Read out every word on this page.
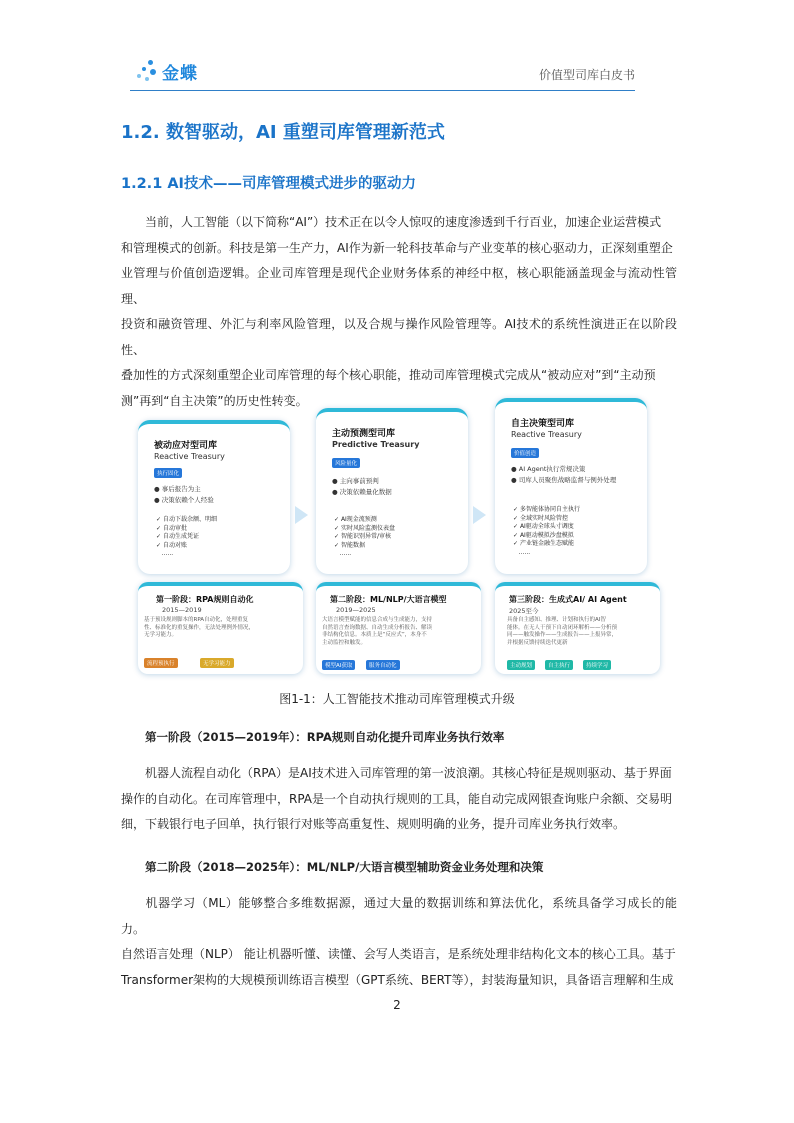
金蝶	价值型司库白皮书
1.2. 数智驱动，AI 重塑司库管理新范式
1.2.1 AI技术——司库管理模式进步的驱动力
当前，人工智能（以下简称“AI”）技术正在以令人惊叹的速度渗透到千行百业，加速企业运营模式
和管理模式的创新。科技是第一生产力，AI作为新一轮科技革命与产业变革的核心驱动力，正深刻重塑企
业管理与价值创造逻辑。企业司库管理是现代企业财务体系的神经中枢，核心职能涵盖现金与流动性管理、
投资和融资管理、外汇与利率风险管理，以及合规与操作风险管理等。AI技术的系统性演进正在以阶段性、
叠加性的方式深刻重塑企业司库管理的每个核心职能，推动司库管理模式完成从“被动应对”到“主动预
测”再到“自主决策”的历史性转变。
被动应对型司库
Reactive Treasury
执行固化
● 事后报告为主
● 决策依赖个人经验
✓ 自动下载余额、明细
✓ 自动审批
✓ 自动生成凭证
✓ 自动对账
......
主动预测型司库
Predictive Treasury
风险量化
● 主向事前预判
● 决策依赖量化数据
✓ AI现金流预测
✓ 实时风险监测仪表盘
✓ 智能识别异常/审核
✓ 智能数据
......
自主决策型司库
Reactive Treasury
价值创造
● AI Agent执行常规决策
● 司库人员聚焦战略监督与例外处理
✓ 多智能体协同自主执行
✓ 全域实时风险管控
✓ AI驱动全球头寸调度
✓ AI驱动模拟沙盘模拟
✓ 产业链金融生态赋能
......
第一阶段：RPA规则自动化
2015—2019
基于预设规则脚本的RPA自动化，处理重复
性、标准化的重复操作，无法处理例外情况，
无学习能力。
流程预执行	无学习能力
第二阶段：ML/NLP/大语言模型
2019—2025
大语言模型赋能的信息合成与生成能力，支持
自然语言查询数据、自动生成分析报告、解读
非结构化信息。本质上是“反应式”，本身不
主动监控和触发。
模型AI获取	服务自动化
第三阶段：生成式AI/ AI Agent
2025至今
具备自主感知、推理、计划和执行的AI智
能体。在无人干预下自动闭环解析——分析预
同——触发操作——生成报告——上报异常，
并根据反馈持续迭代更新
主动规划	自主执行	持续学习

图1-1：人工智能技术推动司库管理模式升级

第一阶段（2015—2019年）：RPA规则自动化提升司库业务执行效率

机器人流程自动化（RPA）是AI技术进入司库管理的第一波浪潮。其核心特征是规则驱动、基于界面
操作的自动化。在司库管理中，RPA是一个自动执行规则的工具，能自动完成网银查询账户余额、交易明
细，下载银行电子回单，执行银行对账等高重复性、规则明确的业务，提升司库业务执行效率。

第二阶段（2018—2025年）：ML/NLP/大语言模型辅助资金业务处理和决策

机器学习（ML）能够整合多维数据源，通过大量的数据训练和算法优化，系统具备学习成长的能力。
自然语言处理（NLP） 能让机器听懂、读懂、会写人类语言，是系统处理非结构化文本的核心工具。基于
Transformer架构的大规模预训练语言模型（GPT系统、BERT等），封装海量知识，具备语言理解和生成

2
